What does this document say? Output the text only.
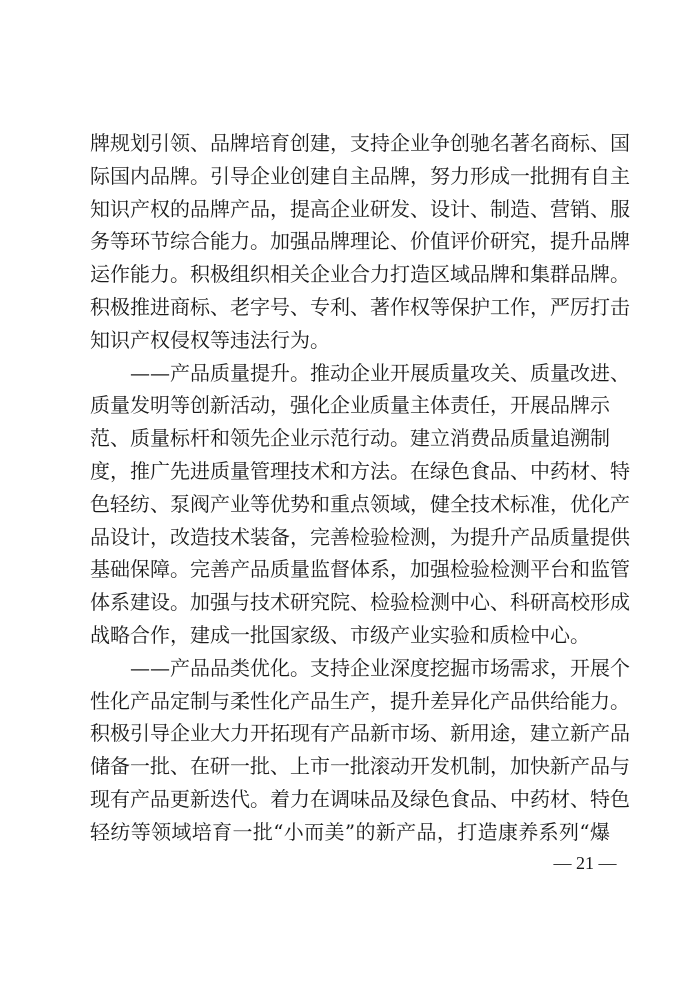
牌规划引领、品牌培育创建，支持企业争创驰名著名商标、国
际国内品牌。引导企业创建自主品牌，努力形成一批拥有自主
知识产权的品牌产品，提高企业研发、设计、制造、营销、服
务等环节综合能力。加强品牌理论、价值评价研究，提升品牌
运作能力。积极组织相关企业合力打造区域品牌和集群品牌。
积极推进商标、老字号、专利、著作权等保护工作，严厉打击
知识产权侵权等违法行为。
——产品质量提升。推动企业开展质量攻关、质量改进、
质量发明等创新活动，强化企业质量主体责任，开展品牌示
范、质量标杆和领先企业示范行动。建立消费品质量追溯制
度，推广先进质量管理技术和方法。在绿色食品、中药材、特
色轻纺、泵阀产业等优势和重点领域，健全技术标准，优化产
品设计，改造技术装备，完善检验检测，为提升产品质量提供
基础保障。完善产品质量监督体系，加强检验检测平台和监管
体系建设。加强与技术研究院、检验检测中心、科研高校形成
战略合作，建成一批国家级、市级产业实验和质检中心。
——产品品类优化。支持企业深度挖掘市场需求，开展个
性化产品定制与柔性化产品生产，提升差异化产品供给能力。
积极引导企业大力开拓现有产品新市场、新用途，建立新产品
储备一批、在研一批、上市一批滚动开发机制，加快新产品与
现有产品更新迭代。着力在调味品及绿色食品、中药材、特色
轻纺等领域培育一批“小而美”的新产品，打造康养系列“爆
— 21 —
